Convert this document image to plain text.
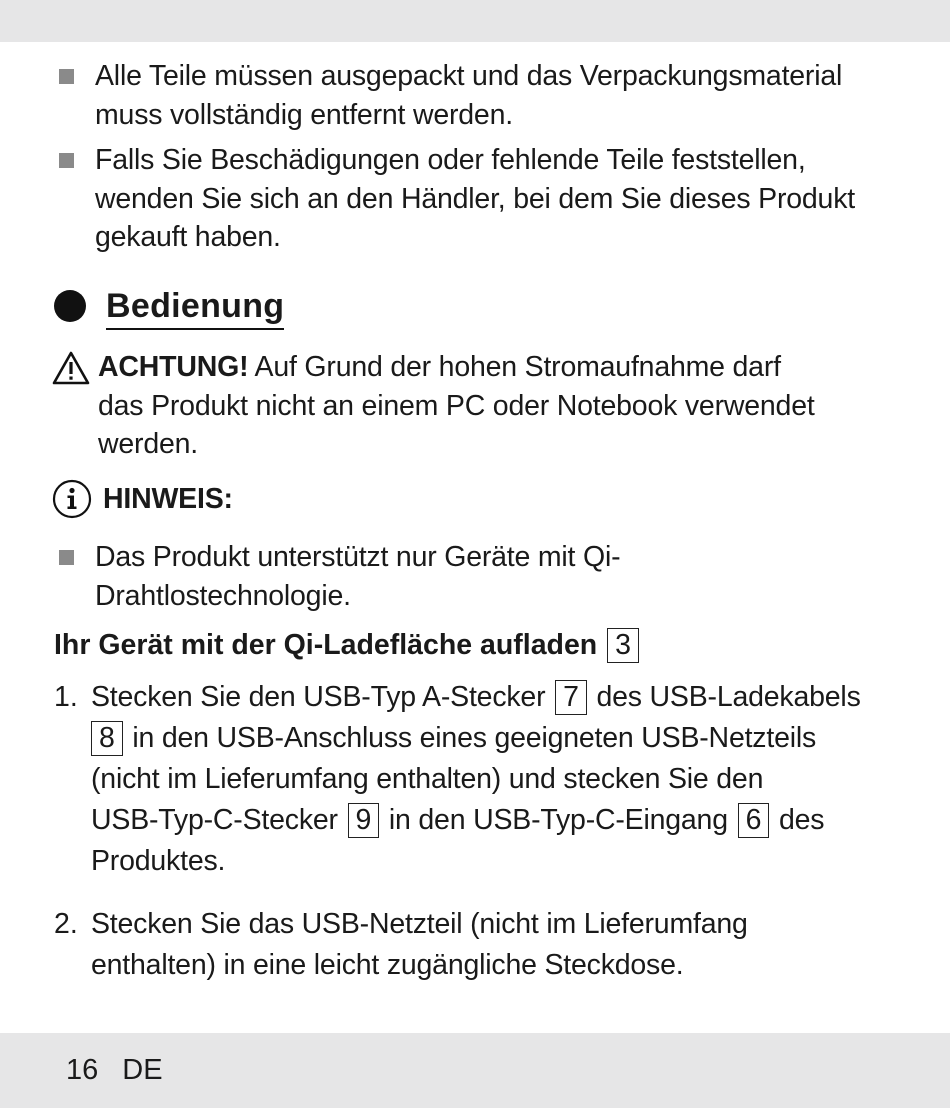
Alle Teile müssen ausgepackt und das Verpackungsmaterial
muss vollständig entfernt werden.
Falls Sie Beschädigungen oder fehlende Teile feststellen,
wenden Sie sich an den Händler, bei dem Sie dieses Produkt
gekauft haben.
Bedienung
ACHTUNG! Auf Grund der hohen Stromaufnahme darf
das Produkt nicht an einem PC oder Notebook verwendet
werden.
HINWEIS:
Das Produkt unterstützt nur Geräte mit Qi-
Drahtlostechnologie.
Ihr Gerät mit der Qi-Ladefläche aufladen 3
1. Stecken Sie den USB-Typ A-Stecker 7 des USB-Ladekabels
8 in den USB-Anschluss eines geeigneten USB-Netzteils
(nicht im Lieferumfang enthalten) und stecken Sie den
USB-Typ-C-Stecker 9 in den USB-Typ-C-Eingang 6 des
Produktes.
2. Stecken Sie das USB-Netzteil (nicht im Lieferumfang
enthalten) in eine leicht zugängliche Steckdose.
16 DE
